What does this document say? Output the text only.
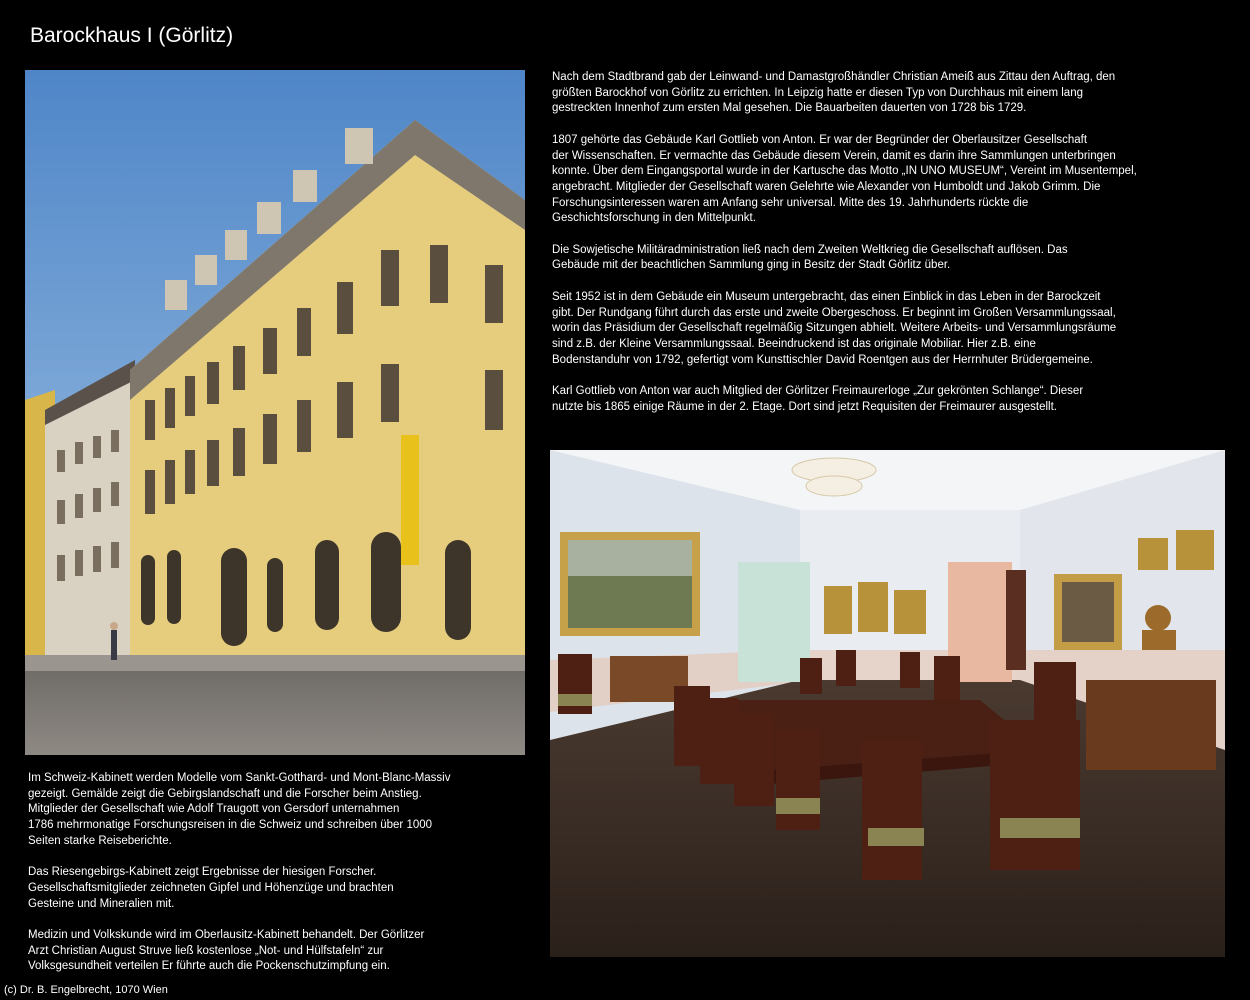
Barockhaus I (Görlitz)

Nach dem Stadtbrand gab der Leinwand- und Damastgroßhändler Christian Ameiß aus Zittau den Auftrag, den
größten Barockhof von Görlitz zu errichten. In Leipzig hatte er diesen Typ von Durchhaus mit einem lang
gestreckten Innenhof zum ersten Mal gesehen. Die Bauarbeiten dauerten von 1728 bis 1729.

1807 gehörte das Gebäude Karl Gottlieb von Anton. Er war der Begründer der Oberlausitzer Gesellschaft
der Wissenschaften. Er vermachte das Gebäude diesem Verein, damit es darin ihre Sammlungen unterbringen
konnte. Über dem Eingangsportal wurde in der Kartusche das Motto „IN UNO MUSEUM“, Vereint im Musentempel,
angebracht. Mitglieder der Gesellschaft waren Gelehrte wie Alexander von Humboldt und Jakob Grimm. Die
Forschungsinteressen waren am Anfang sehr universal. Mitte des 19. Jahrhunderts rückte die
Geschichtsforschung in den Mittelpunkt.

Die Sowjetische Militäradministration ließ nach dem Zweiten Weltkrieg die Gesellschaft auflösen. Das
Gebäude mit der beachtlichen Sammlung ging in Besitz der Stadt Görlitz über.

Seit 1952 ist in dem Gebäude ein Museum untergebracht, das einen Einblick in das Leben in der Barockzeit
gibt. Der Rundgang führt durch das erste und zweite Obergeschoss. Er beginnt im Großen Versammlungssaal,
worin das Präsidium der Gesellschaft regelmäßig Sitzungen abhielt. Weitere Arbeits- und Versammlungsräume
sind z.B. der Kleine Versammlungssaal. Beeindruckend ist das originale Mobiliar. Hier z.B. eine
Bodenstanduhr von 1792, gefertigt vom Kunsttischler David Roentgen aus der Herrnhuter Brüdergemeine.

Karl Gottlieb von Anton war auch Mitglied der Görlitzer Freimaurerloge „Zur gekrönten Schlange“. Dieser
nutzte bis 1865 einige Räume in der 2. Etage. Dort sind jetzt Requisiten der Freimaurer ausgestellt.

Im Schweiz-Kabinett werden Modelle vom Sankt-Gotthard- und Mont-Blanc-Massiv
gezeigt. Gemälde zeigt die Gebirgslandschaft und die Forscher beim Anstieg.
Mitglieder der Gesellschaft wie Adolf Traugott von Gersdorf unternahmen
1786 mehrmonatige Forschungsreisen in die Schweiz und schreiben über 1000
Seiten starke Reiseberichte.

Das Riesengebirgs-Kabinett zeigt Ergebnisse der hiesigen Forscher.
Gesellschaftsmitglieder zeichneten Gipfel und Höhenzüge und brachten
Gesteine und Mineralien mit.

Medizin und Volkskunde wird im Oberlausitz-Kabinett behandelt. Der Görlitzer
Arzt Christian August Struve ließ kostenlose „Not- und Hülfstafeln“ zur
Volksgesundheit verteilen Er führte auch die Pockenschutzimpfung ein.

(c) Dr. B. Engelbrecht, 1070 Wien
